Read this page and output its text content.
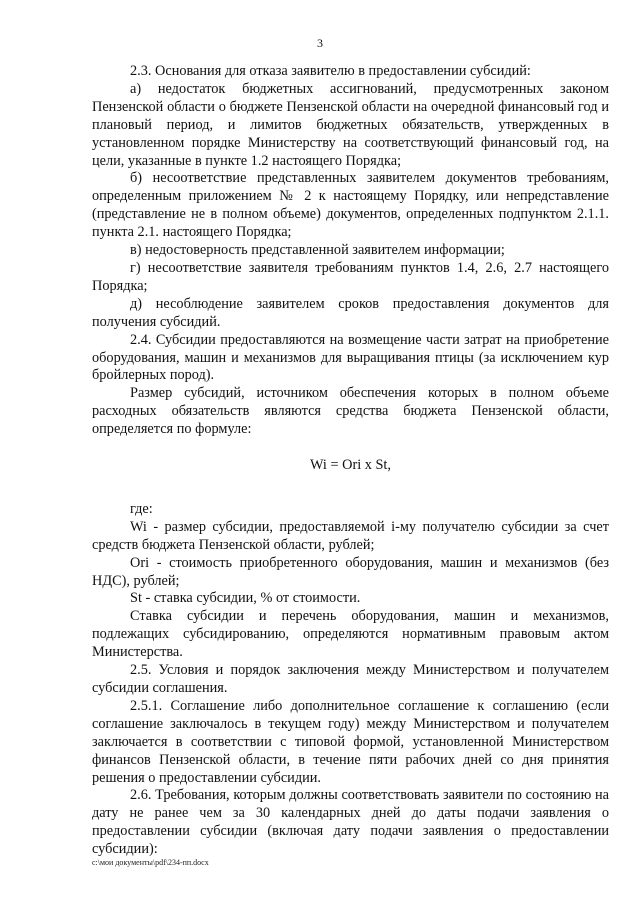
3

2.3. Основания для отказа заявителю в предоставлении субсидий:

а) недостаток бюджетных ассигнований, предусмотренных законом Пензенской области о бюджете Пензенской области на очередной финансовый год и плановый период, и лимитов бюджетных обязательств, утвержденных в установленном порядке Министерству на соответствующий финансовый год, на цели, указанные в пункте 1.2 настоящего Порядка;

б) несоответствие представленных заявителем документов требованиям, определенным приложением № 2 к настоящему Порядку, или непредставление (представление не в полном объеме) документов, определенных подпунктом 2.1.1. пункта 2.1. настоящего Порядка;

в) недостоверность представленной заявителем информации;

г) несоответствие заявителя требованиям пунктов 1.4, 2.6, 2.7 настоящего Порядка;

д) несоблюдение заявителем сроков предоставления документов для получения субсидий.

2.4. Субсидии предоставляются на возмещение части затрат на приобретение оборудования, машин и механизмов для выращивания птицы (за исключением кур бройлерных пород).

Размер субсидий, источником обеспечения которых в полном объеме расходных обязательств являются средства бюджета Пензенской области, определяется по формуле:

Wi = Ori x St,

где:

Wi - размер субсидии, предоставляемой i-му получателю субсидии за счет средств бюджета Пензенской области, рублей;

Ori - стоимость приобретенного оборудования, машин и механизмов (без НДС), рублей;

St - ставка субсидии, % от стоимости.

Ставка субсидии и перечень оборудования, машин и механизмов, подлежащих субсидированию, определяются нормативным правовым актом Министерства.

2.5. Условия и порядок заключения между Министерством и получателем субсидии соглашения.

2.5.1. Соглашение либо дополнительное соглашение к соглашению (если соглашение заключалось в текущем году) между Министерством и получателем заключается в соответствии с типовой формой, установленной Министерством финансов Пензенской области, в течение пяти рабочих дней со дня принятия решения о предоставлении субсидии.

2.6. Требования, которым должны соответствовать заявители по состоянию на дату не ранее чем за 30 календарных дней до даты подачи заявления о предоставлении субсидии (включая дату подачи заявления о предоставлении субсидии):

c:\мои документы\pdf\234-пп.docx
